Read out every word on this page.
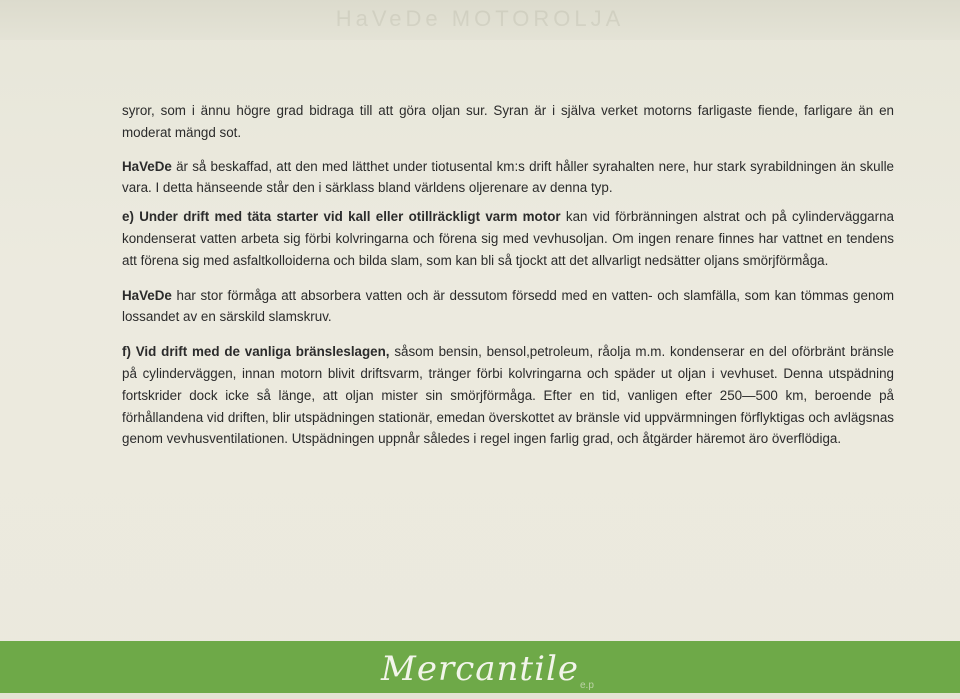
HaVeDe MOTOROLJA

syror, som i ännu högre grad bidraga till att göra oljan sur. Syran är i själva verket motorns farligaste fiende, farligare än en moderat mängd sot.

HaVeDe är så beskaffad, att den med lätthet under tiotusental km:s drift håller syrahalten nere, hur stark syrabildningen än skulle vara. I detta hänseende står den i särklass bland världens oljerenare av denna typ.

e) Under drift med täta starter vid kall eller otillräckligt varm motor kan vid förbränningen alstrat och på cylinderväggarna kondenserat vatten arbeta sig förbi kolvringarna och förena sig med vevhusoljan. Om ingen renare finnes har vattnet en tendens att förena sig med asfaltkolloiderna och bilda slam, som kan bli så tjockt att det allvarligt nedsätter oljans smörjförmåga.

HaVeDe har stor förmåga att absorbera vatten och är dessutom försedd med en vatten- och slamfälla, som kan tömmas genom lossandet av en särskild slamskruv.

f) Vid drift med de vanliga bränsleslagen, såsom bensin, bensol,petroleum, råolja m.m. kondenserar en del oförbränt bränsle på cylinderväggen, innan motorn blivit driftsvarm, tränger förbi kolvringarna och späder ut oljan i vevhuset. Denna utspädning fortskrider dock icke så länge, att oljan mister sin smörjförmåga. Efter en tid, vanligen efter 250—500 km, beroende på förhållandena vid driften, blir utspädningen stationär, emedan överskottet av bränsle vid uppvärmningen förflyktigas och avlägsnas genom vevhusventilationen. Utspädningen uppnår således i regel ingen farlig grad, och åtgärder häremot äro överflödiga.

Mercantile e.p
